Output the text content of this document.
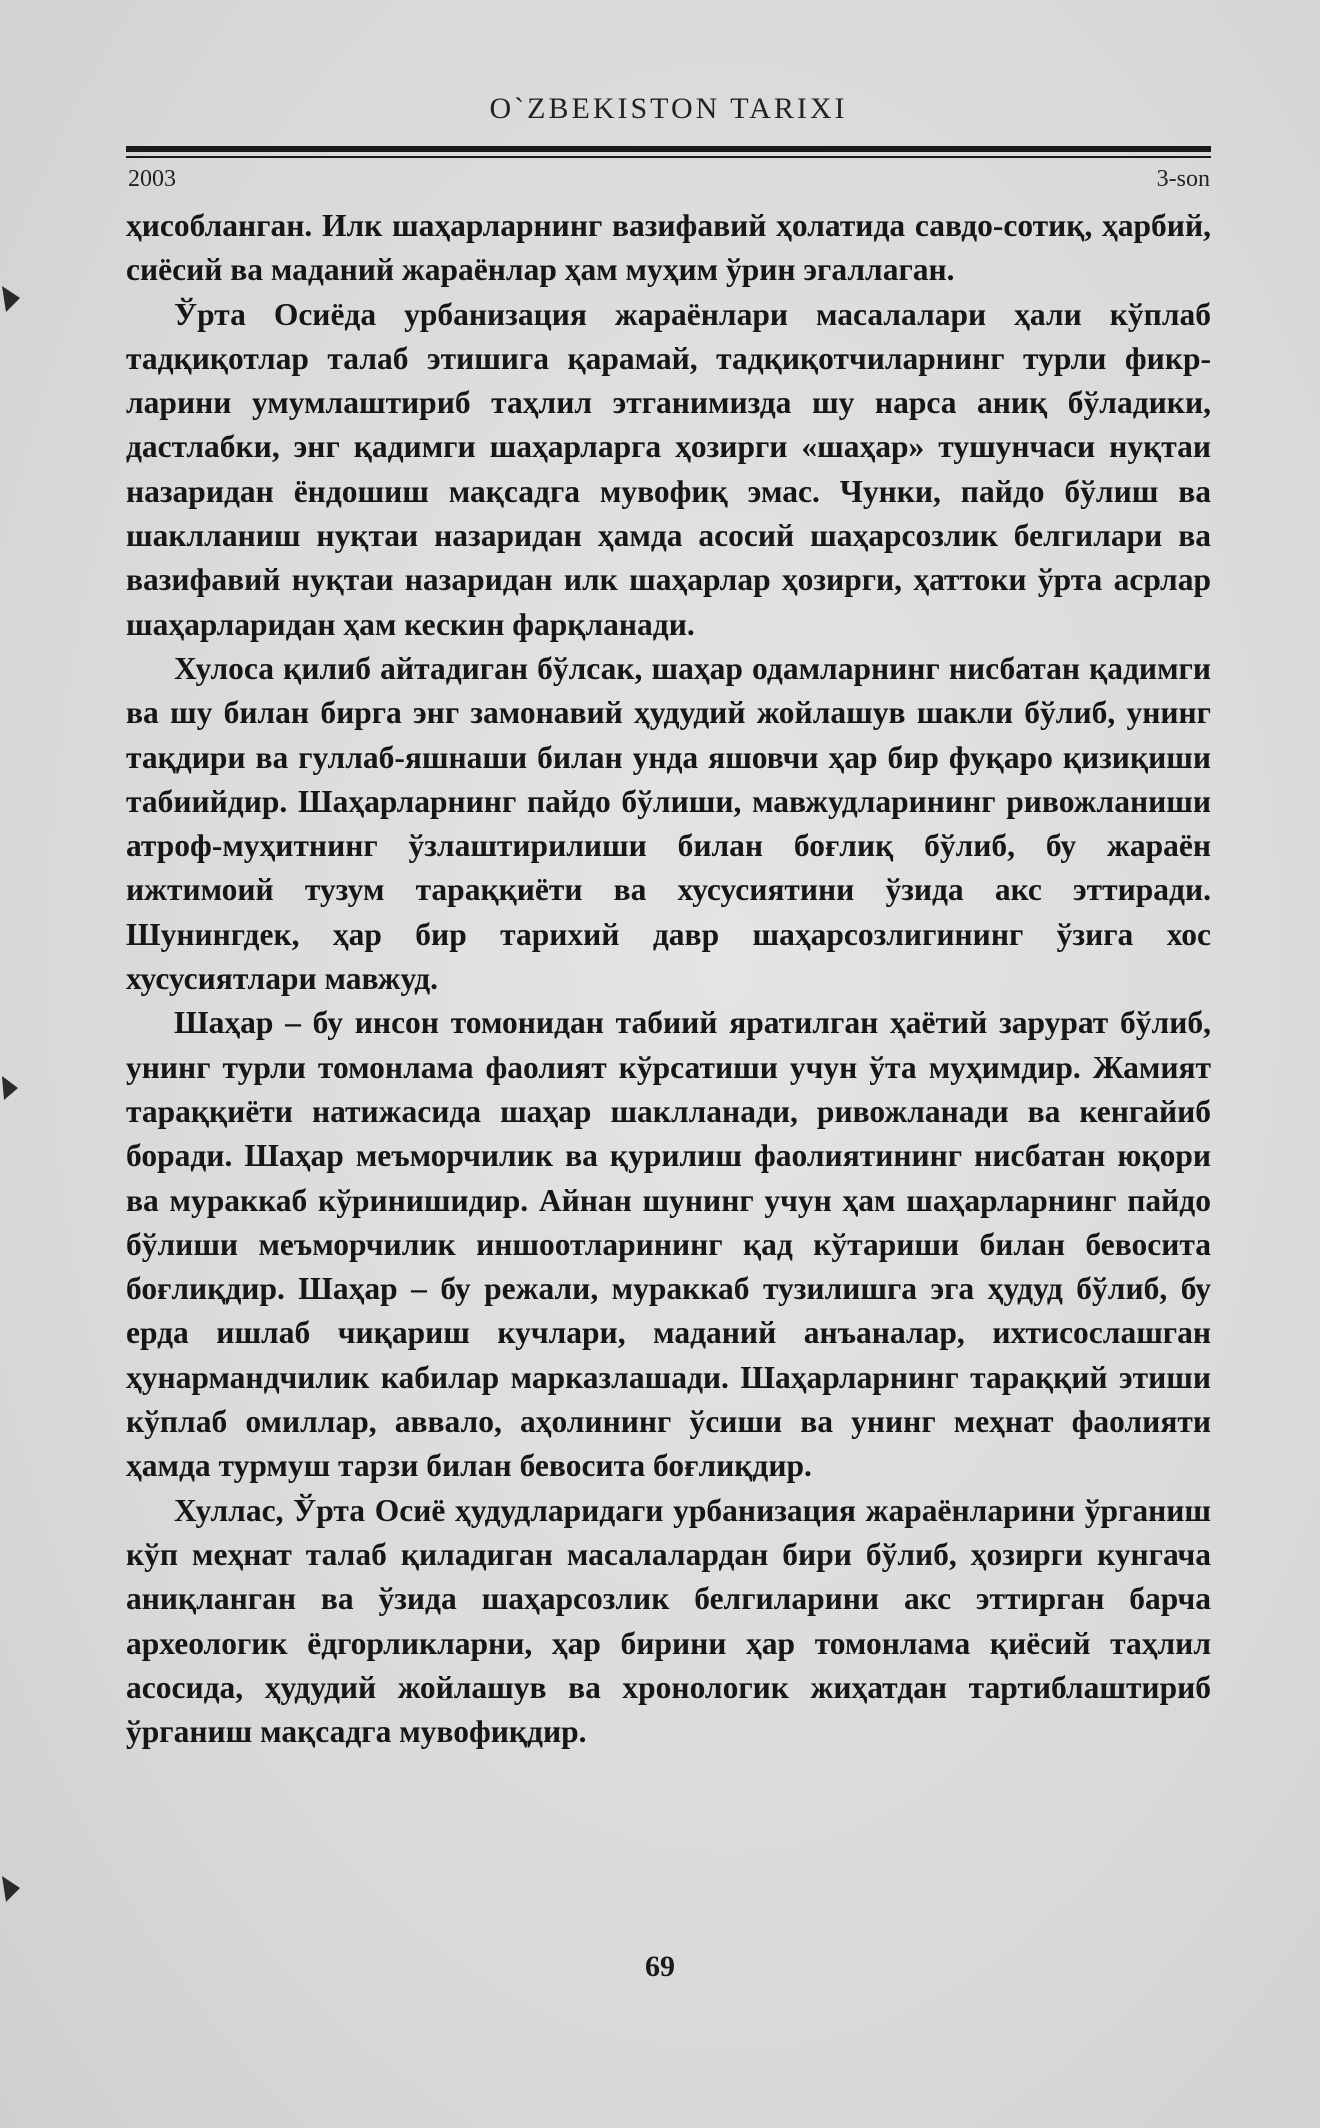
O`ZBEKISTON TARIXI
2003	3-son

ҳисобланган. Илк шаҳарларнинг вазифавий ҳолатида савдо-сотиқ, ҳарбий, сиёсий ва маданий жараёнлар ҳам муҳим ўрин эгаллаган.

Ўрта Осиёда урбанизация жараёнлари масалалари ҳали кўплаб тадқиқотлар талаб этишига қарамай, тадқиқотчиларнинг турли фикрларини умумлаштириб таҳлил этганимизда шу нарса аниқ бўладики, дастлабки, энг қадимги шаҳарларга ҳозирги «шаҳар» тушунчаси нуқтаи назаридан ёндошиш мақсадга мувофиқ эмас. Чунки, пайдо бўлиш ва шаклланиш нуқтаи назаридан ҳамда асосий шаҳарсозлик белгилари ва вазифавий нуқтаи назаридан илк шаҳарлар ҳозирги, ҳаттоки ўрта асрлар шаҳарларидан ҳам кескин фарқланади.

Хулоса қилиб айтадиган бўлсак, шаҳар одамларнинг нисбатан қадимги ва шу билан бирга энг замонавий ҳудудий жойлашув шакли бўлиб, унинг тақдири ва гуллаб-яшнаши билан унда яшовчи ҳар бир фуқаро қизиқиши табиийдир. Шаҳарларнинг пайдо бўлиши, мавжудларининг ривожланиши атроф-муҳитнинг ўзлаштирилиши билан боғлиқ бўлиб, бу жараён ижтимоий тузум тараққиёти ва хусусиятини ўзида акс эттиради. Шунингдек, ҳар бир тарихий давр шаҳарсозлигининг ўзига хос хусусиятлари мавжуд.

Шаҳар – бу инсон томонидан табиий яратилган ҳаётий зарурат бўлиб, унинг турли томонлама фаолият кўрсатиши учун ўта муҳимдир. Жамият тараққиёти натижасида шаҳар шаклланади, ривожланади ва кенгайиб боради. Шаҳар меъморчилик ва қурилиш фаолиятининг нисбатан юқори ва мураккаб кўринишидир. Айнан шунинг учун ҳам шаҳарларнинг пайдо бўлиши меъморчилик иншоотларининг қад кўтариши билан бевосита боғлиқдир. Шаҳар – бу режали, мураккаб тузилишга эга ҳудуд бўлиб, бу ерда ишлаб чиқариш кучлари, маданий анъаналар, ихтисослашган ҳунармандчилик кабилар марказлашади. Шаҳарларнинг тараққий этиши кўплаб омиллар, аввало, аҳолининг ўсиши ва унинг меҳнат фаолияти ҳамда турмуш тарзи билан бевосита боғлиқдир.

Хуллас, Ўрта Осиё ҳудудларидаги урбанизация жараёнларини ўрганиш кўп меҳнат талаб қиладиган масалалардан бири бўлиб, ҳозирги кунгача аниқланган ва ўзида шаҳарсозлик белгиларини акс эттирган барча археологик ёдгорликларни, ҳар бирини ҳар томонлама қиёсий таҳлил асосида, ҳудудий жойлашув ва хронологик жиҳатдан тартиблаштириб ўрганиш мақсадга мувофиқдир.

69
